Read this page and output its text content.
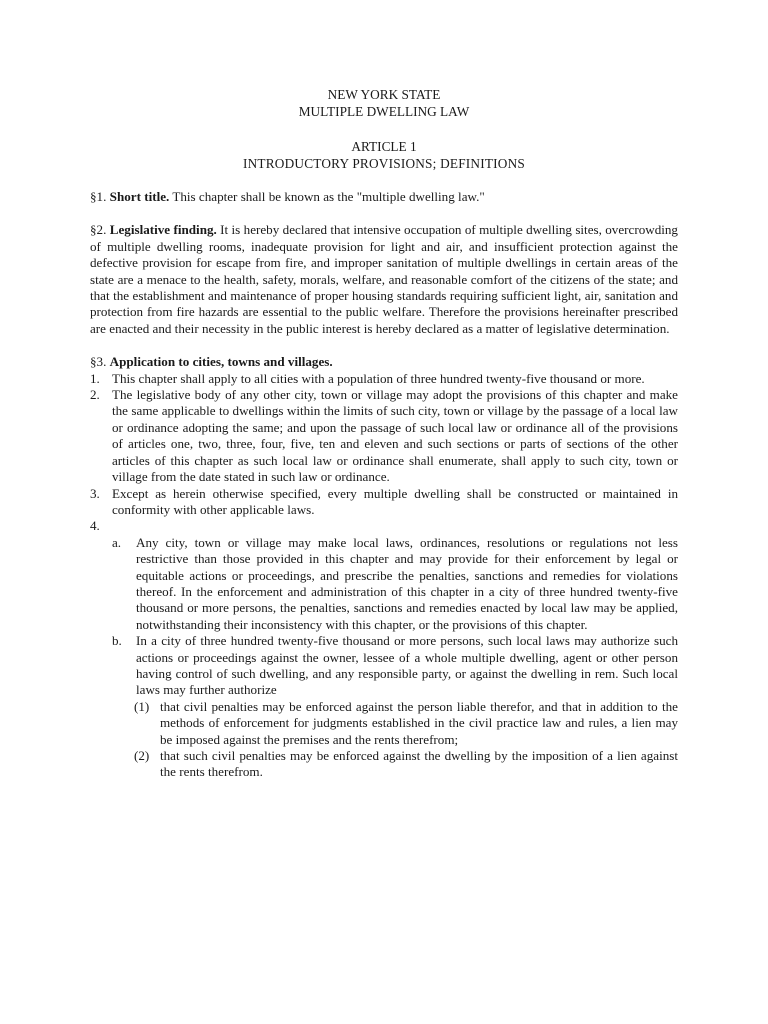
NEW YORK STATE

MULTIPLE DWELLING LAW

ARTICLE 1

INTRODUCTORY PROVISIONS; DEFINITIONS

§1. Short title. This chapter shall be known as the "multiple dwelling law."

§2. Legislative finding. It is hereby declared that intensive occupation of multiple dwelling sites, overcrowding of multiple dwelling rooms, inadequate provision for light and air, and insufficient protection against the defective provision for escape from fire, and improper sanitation of multiple dwellings in certain areas of the state are a menace to the health, safety, morals, welfare, and reasonable comfort of the citizens of the state; and that the establishment and maintenance of proper housing standards requiring sufficient light, air, sanitation and protection from fire hazards are essential to the public welfare. Therefore the provisions hereinafter prescribed are enacted and their necessity in the public interest is hereby declared as a matter of legislative determination.

§3. Application to cities, towns and villages.

1. This chapter shall apply to all cities with a population of three hundred twenty-five thousand or more.
2. The legislative body of any other city, town or village may adopt the provisions of this chapter and make the same applicable to dwellings within the limits of such city, town or village by the passage of a local law or ordinance adopting the same; and upon the passage of such local law or ordinance all of the provisions of articles one, two, three, four, five, ten and eleven and such sections or parts of sections of the other articles of this chapter as such local law or ordinance shall enumerate, shall apply to such city, town or village from the date stated in such law or ordinance.
3. Except as herein otherwise specified, every multiple dwelling shall be constructed or maintained in conformity with other applicable laws.
4.
a. Any city, town or village may make local laws, ordinances, resolutions or regulations not less restrictive than those provided in this chapter and may provide for their enforcement by legal or equitable actions or proceedings, and prescribe the penalties, sanctions and remedies for violations thereof. In the enforcement and administration of this chapter in a city of three hundred twenty-five thousand or more persons, the penalties, sanctions and remedies enacted by local law may be applied, notwithstanding their inconsistency with this chapter, or the provisions of this chapter.
b. In a city of three hundred twenty-five thousand or more persons, such local laws may authorize such actions or proceedings against the owner, lessee of a whole multiple dwelling, agent or other person having control of such dwelling, and any responsible party, or against the dwelling in rem. Such local laws may further authorize
(1) that civil penalties may be enforced against the person liable therefor, and that in addition to the methods of enforcement for judgments established in the civil practice law and rules, a lien may be imposed against the premises and the rents therefrom;
(2) that such civil penalties may be enforced against the dwelling by the imposition of a lien against the rents therefrom.
